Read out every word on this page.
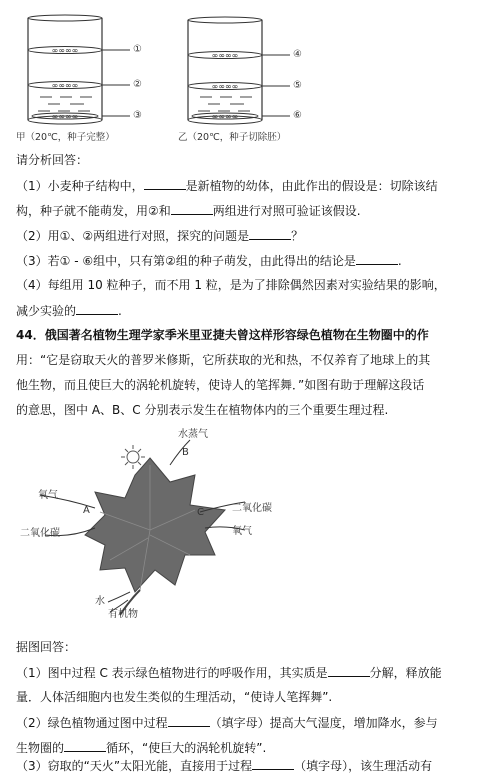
∞∞∞∞
∞∞∞∞
∞∞∞∞
∞∞∞∞
∞∞∞∞
∞∞∞∞
①
②
③
④
⑤
⑥
甲（20℃，种子完整）	乙（20℃，种子切除胚）
请分析回答：
（1）小麦种子结构中，	是新植物的幼体，由此作出的假设是：切除该结
构，种子就不能萌发，用②和	两组进行对照可验证该假设.
（2）用①、②两组进行对照，探究的问题是	？
（3）若① - ⑥组中，只有第②组的种子萌发，由此得出的结论是	.
（4）每组用 10 粒种子，而不用 1 粒，是为了排除偶然因素对实验结果的影响，
减少实验的	.
44．俄国著名植物生理学家季米里亚捷夫曾这样形容绿色植物在生物圈中的作
用：“它是窃取天火的普罗米修斯，它所获取的光和热，不仅养育了地球上的其
他生物，而且使巨大的涡轮机旋转，使诗人的笔挥舞．”如图有助于理解这段话
的意思，图中 A、B、C 分别表示发生在植物体内的三个重要生理过程.
水蒸气
B
氧气
A
二氧化碳
二氧化碳
C
氧气
水
有机物
据图回答：
（1）图中过程 C 表示绿色植物进行的呼吸作用，其实质是	分解，释放能
量．人体活细胞内也发生类似的生理活动，“使诗人笔挥舞”.
（2）绿色植物通过图中过程	（填字母）提高大气湿度，增加降水，参与
生物圈的	循环，“使巨大的涡轮机旋转”.
（3）窃取的“天火”太阳光能，直接用于过程	（填字母），该生理活动有
